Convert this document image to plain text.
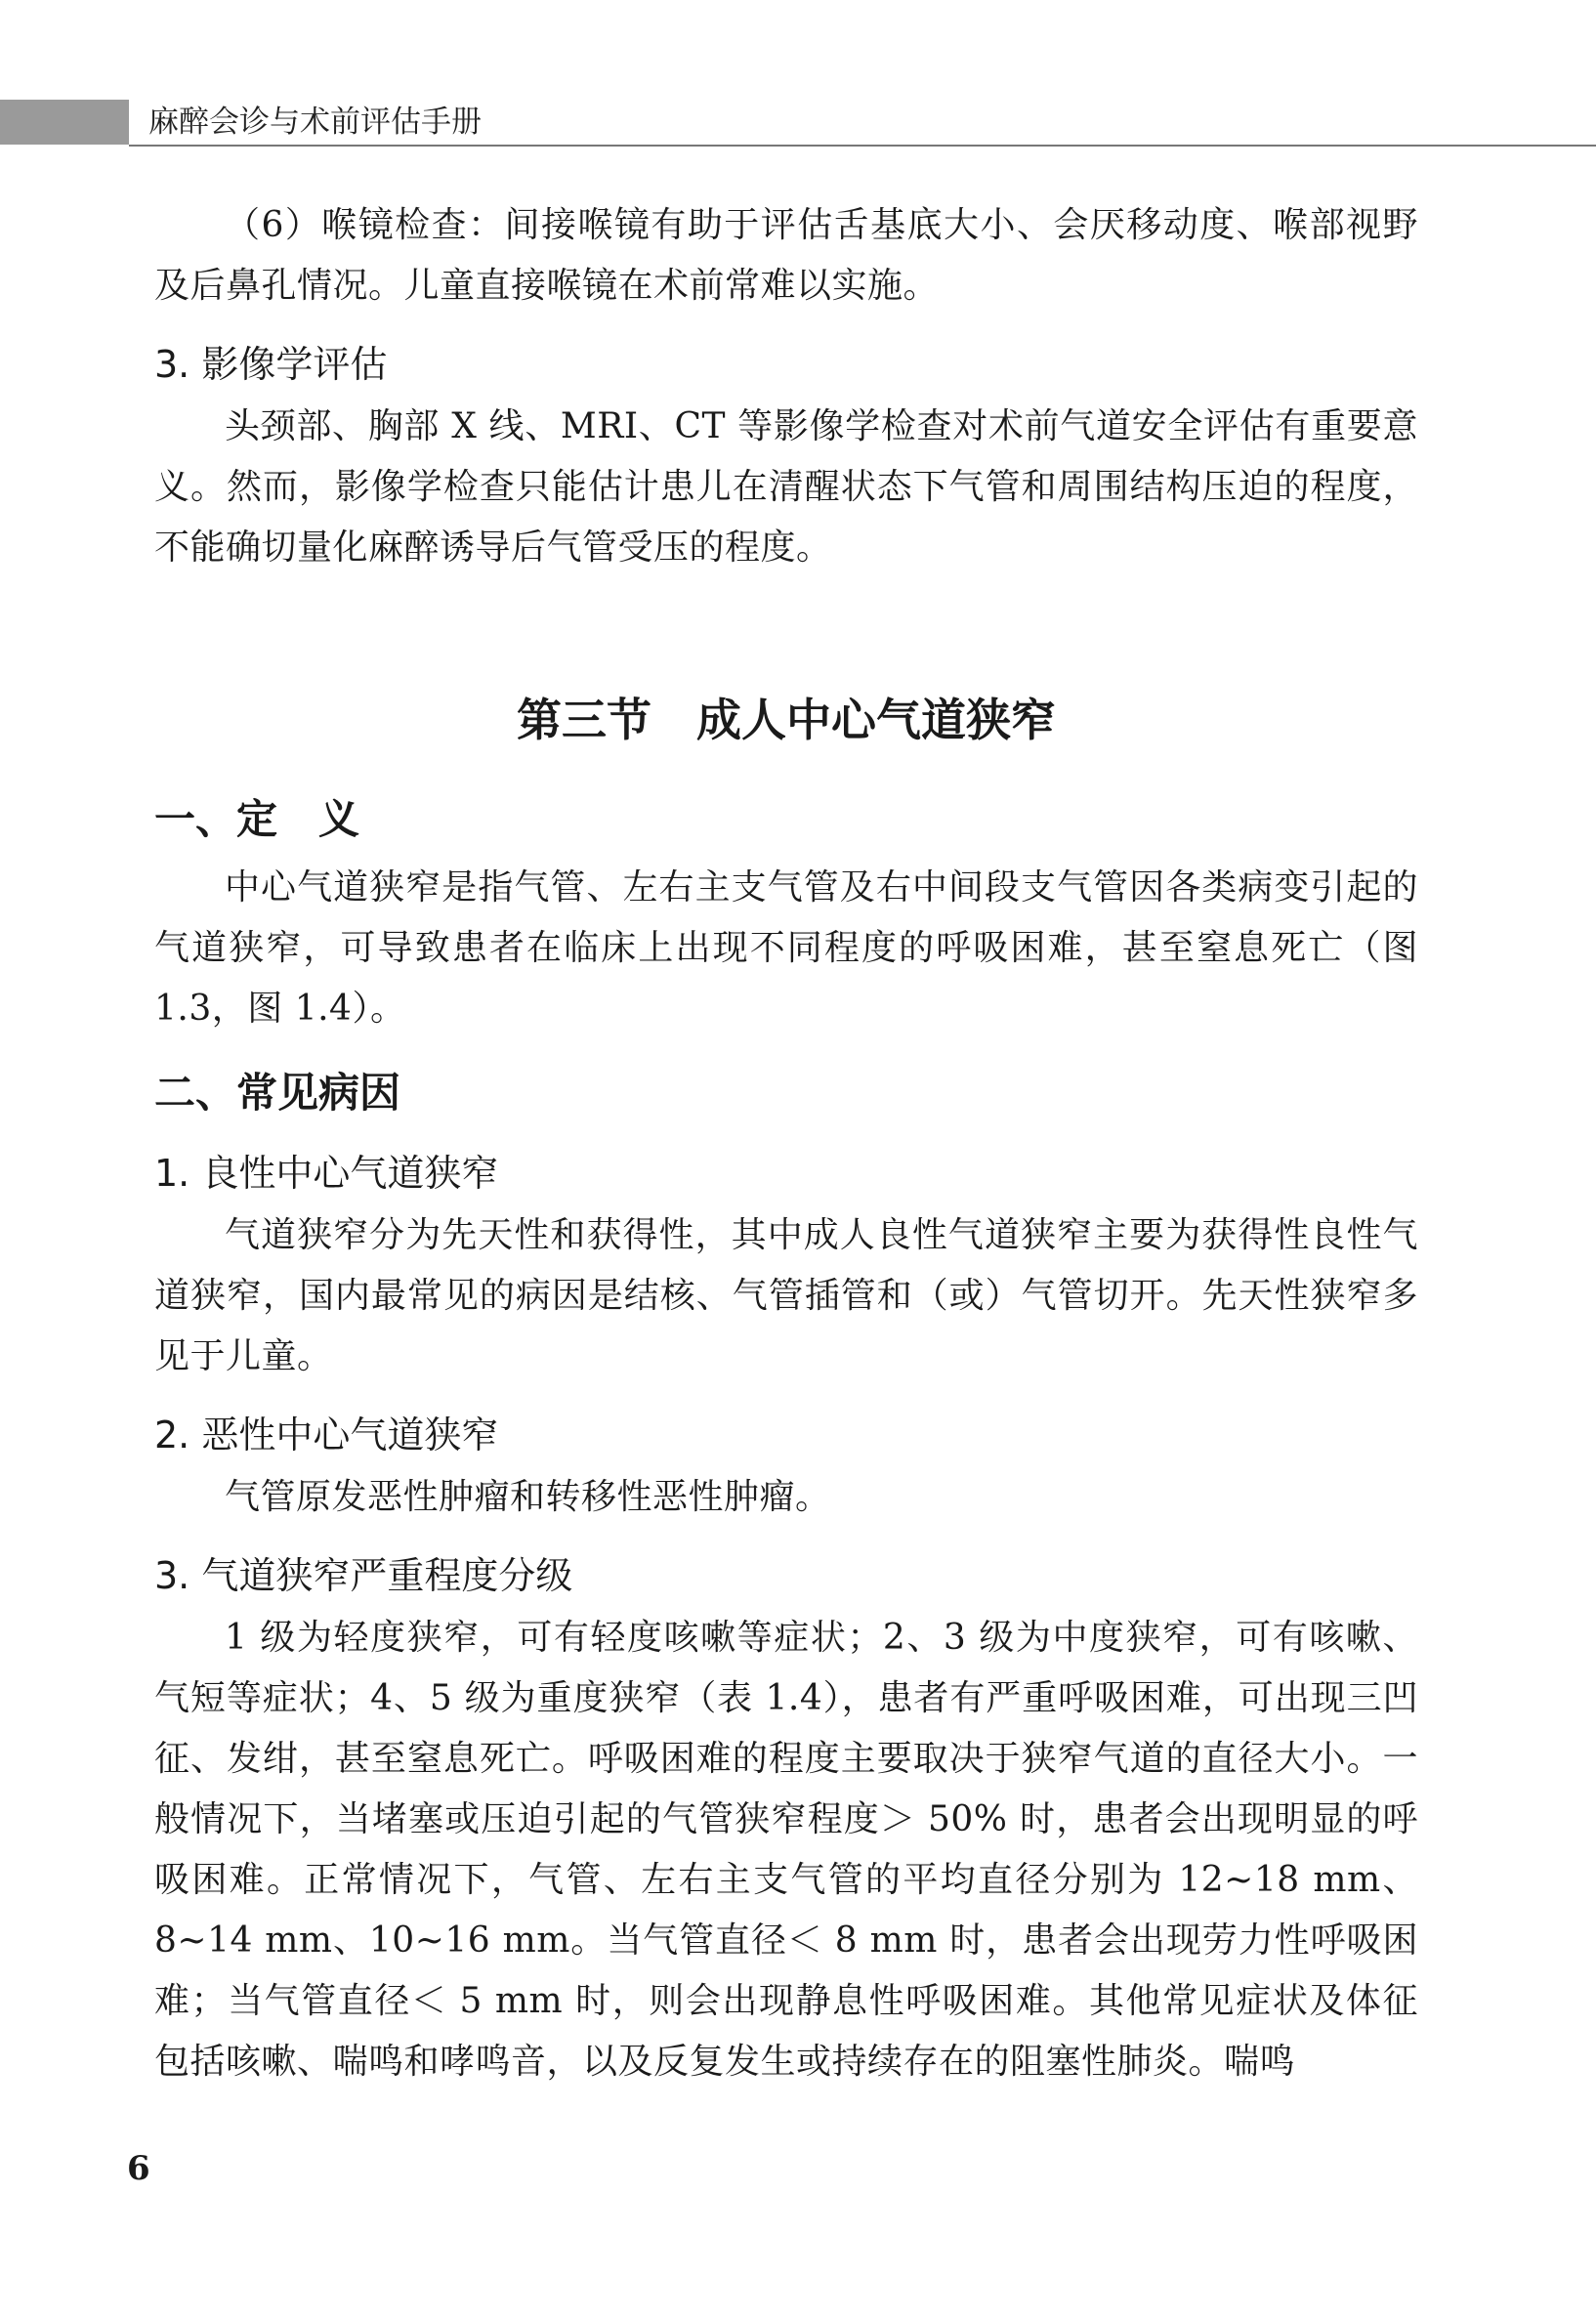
麻醉会诊与术前评估手册

（6）喉镜检查：间接喉镜有助于评估舌基底大小、会厌移动度、喉部视野及后鼻孔情况。儿童直接喉镜在术前常难以实施。

3. 影像学评估

头颈部、胸部 X 线、MRI、CT 等影像学检查对术前气道安全评估有重要意义。然而，影像学检查只能估计患儿在清醒状态下气管和周围结构压迫的程度，不能确切量化麻醉诱导后气管受压的程度。

第三节　成人中心气道狭窄
一、定　义

中心气道狭窄是指气管、左右主支气管及右中间段支气管因各类病变引起的气道狭窄，可导致患者在临床上出现不同程度的呼吸困难，甚至窒息死亡（图 1.3，图 1.4）。

二、常见病因
1. 良性中心气道狭窄

气道狭窄分为先天性和获得性，其中成人良性气道狭窄主要为获得性良性气道狭窄，国内最常见的病因是结核、气管插管和（或）气管切开。先天性狭窄多见于儿童。

2. 恶性中心气道狭窄

气管原发恶性肿瘤和转移性恶性肿瘤。

3. 气道狭窄严重程度分级

1 级为轻度狭窄，可有轻度咳嗽等症状；2、3 级为中度狭窄，可有咳嗽、气短等症状；4、5 级为重度狭窄（表 1.4），患者有严重呼吸困难，可出现三凹征、发绀，甚至窒息死亡。呼吸困难的程度主要取决于狭窄气道的直径大小。一般情况下，当堵塞或压迫引起的气管狭窄程度＞ 50% 时，患者会出现明显的呼吸困难。正常情况下，气管、左右主支气管的平均直径分别为 12~18 mm、8~14 mm、10~16 mm。当气管直径＜ 8 mm 时，患者会出现劳力性呼吸困难；当气管直径＜ 5 mm 时，则会出现静息性呼吸困难。其他常见症状及体征包括咳嗽、喘鸣和哮鸣音，以及反复发生或持续存在的阻塞性肺炎。喘鸣

6
